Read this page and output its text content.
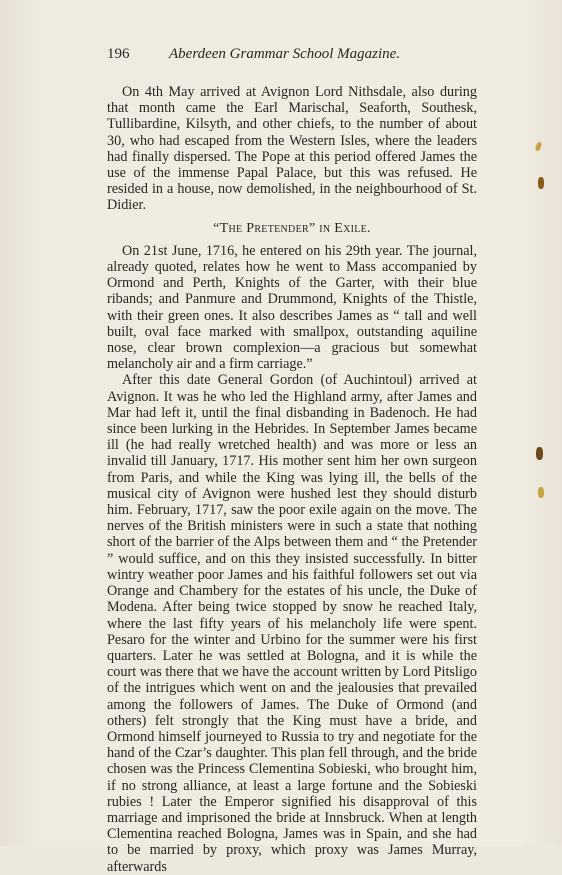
196	Aberdeen Grammar School Magazine.

On 4th May arrived at Avignon Lord Nithsdale, also during that month came the Earl Marischal, Seaforth, Southesk, Tullibardine, Kilsyth, and other chiefs, to the number of about 30, who had escaped from the Western Isles, where the leaders had finally dispersed. The Pope at this period offered James the use of the immense Papal Palace, but this was refused. He resided in a house, now demolished, in the neighbourhood of St. Didier.

“The Pretender” in Exile.

On 21st June, 1716, he entered on his 29th year. The journal, already quoted, relates how he went to Mass accompanied by Ormond and Perth, Knights of the Garter, with their blue ribands; and Panmure and Drummond, Knights of the Thistle, with their green ones. It also describes James as “ tall and well built, oval face marked with smallpox, outstanding aquiline nose, clear brown complexion—a gracious but somewhat melancholy air and a firm carriage.”

After this date General Gordon (of Auchintoul) arrived at Avignon. It was he who led the Highland army, after James and Mar had left it, until the final disbanding in Badenoch. He had since been lurking in the Hebrides. In September James became ill (he had really wretched health) and was more or less an invalid till January, 1717. His mother sent him her own surgeon from Paris, and while the King was lying ill, the bells of the musical city of Avignon were hushed lest they should disturb him. February, 1717, saw the poor exile again on the move. The nerves of the British ministers were in such a state that nothing short of the barrier of the Alps between them and “ the Pretender ” would suffice, and on this they insisted successfully. In bitter wintry weather poor James and his faithful followers set out via Orange and Chambery for the estates of his uncle, the Duke of Modena. After being twice stopped by snow he reached Italy, where the last fifty years of his melancholy life were spent. Pesaro for the winter and Urbino for the summer were his first quarters. Later he was settled at Bologna, and it is while the court was there that we have the account written by Lord Pitsligo of the intrigues which went on and the jealousies that prevailed among the followers of James. The Duke of Ormond (and others) felt strongly that the King must have a bride, and Ormond himself journeyed to Russia to try and negotiate for the hand of the Czar’s daughter. This plan fell through, and the bride chosen was the Princess Clementina Sobieski, who brought him, if no strong alliance, at least a large fortune and the Sobieski rubies ! Later the Emperor signified his disapproval of this marriage and imprisoned the bride at Innsbruck. When at length Clementina reached Bologna, James was in Spain, and she had to be married by proxy, which proxy was James Murray, afterwards
